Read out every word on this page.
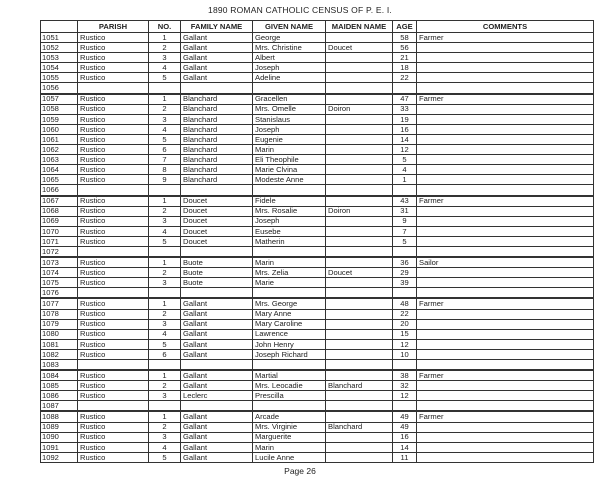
1890 ROMAN CATHOLIC CENSUS OF P. E. I.
	PARISH	NO.	FAMILY NAME	GIVEN NAME	MAIDEN NAME	AGE	COMMENTS
1051	Rustico	1	Gallant	George		58	Farmer
1052	Rustico	2	Gallant	Mrs. Christine	Doucet	56	
1053	Rustico	3	Gallant	Albert		21	
1054	Rustico	4	Gallant	Joseph		18	
1055	Rustico	5	Gallant	Adeline		22	
1056							
1057	Rustico	1	Blanchard	Gracellen		47	Farmer
1058	Rustico	2	Blanchard	Mrs. Omelle	Doiron	33	
1059	Rustico	3	Blanchard	Stanislaus		19	
1060	Rustico	4	Blanchard	Joseph		16	
1061	Rustico	5	Blanchard	Eugenie		14	
1062	Rustico	6	Blanchard	Marin		12	
1063	Rustico	7	Blanchard	Eli Theophile		5	
1064	Rustico	8	Blanchard	Marie Clvina		4	
1065	Rustico	9	Blanchard	Modeste Anne		1	
1066							
1067	Rustico	1	Doucet	Fidele		43	Farmer
1068	Rustico	2	Doucet	Mrs. Rosalie	Doiron	31	
1069	Rustico	3	Doucet	Joseph		9	
1070	Rustico	4	Doucet	Eusebe		7	
1071	Rustico	5	Doucet	Matherin		5	
1072							
1073	Rustico	1	Buote	Marin		36	Sailor
1074	Rustico	2	Buote	Mrs. Zelia	Doucet	29	
1075	Rustico	3	Buote	Marie		39	
1076							
1077	Rustico	1	Gallant	Mrs. George		48	Farmer
1078	Rustico	2	Gallant	Mary Anne		22	
1079	Rustico	3	Gallant	Mary Caroline		20	
1080	Rustico	4	Gallant	Lawrence		15	
1081	Rustico	5	Gallant	John Henry		12	
1082	Rustico	6	Gallant	Joseph Richard		10	
1083							
1084	Rustico	1	Gallant	Martial		38	Farmer
1085	Rustico	2	Gallant	Mrs. Leocadie	Blanchard	32	
1086	Rustico	3	Leclerc	Prescilla		12	
1087							
1088	Rustico	1	Gallant	Arcade		49	Farmer
1089	Rustico	2	Gallant	Mrs. Virginie	Blanchard	49	
1090	Rustico	3	Gallant	Marguerite		16	
1091	Rustico	4	Gallant	Marin		14	
1092	Rustico	5	Gallant	Lucile Anne		11	
Page 26
